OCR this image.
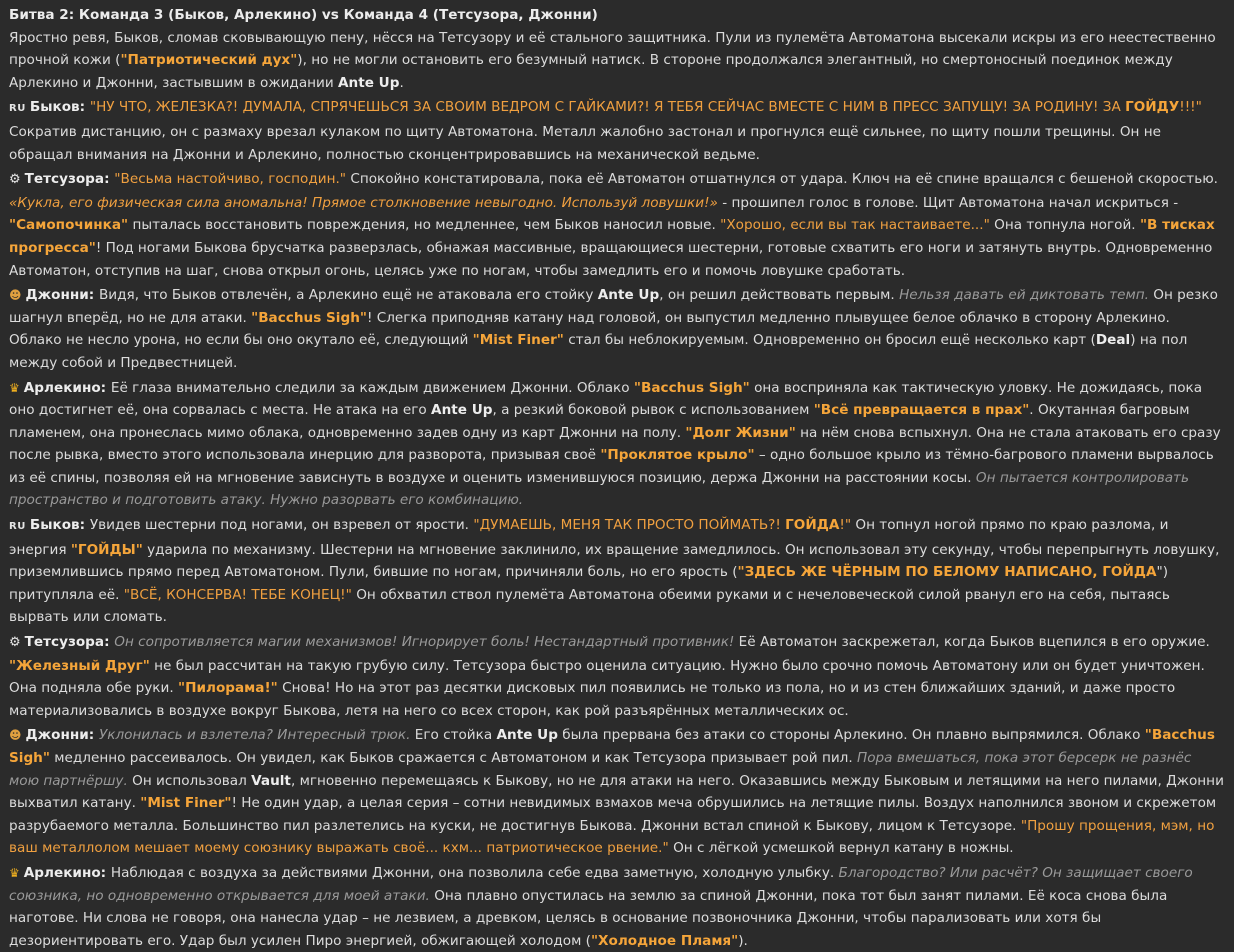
Битва 2: Команда 3 (Быков, Арлекино) vs Команда 4 (Тетсузора, Джонни)
Яростно ревя, Быков, сломав сковывающую пену, нёсся на Тетсузору и её стального защитника. Пули из пулемёта Автоматона высекали искры из его неестественно прочной кожи ("Патриотический дух"), но не могли остановить его безумный натиск. В стороне продолжался элегантный, но смертоносный поединок между Арлекино и Джонни, застывшим в ожидании Ante Up.
RU Быков: "НУ ЧТО, ЖЕЛЕЗКА?! ДУМАЛА, СПРЯЧЕШЬСЯ ЗА СВОИМ ВЕДРОМ С ГАЙКАМИ?! Я ТЕБЯ СЕЙЧАС ВМЕСТЕ С НИМ В ПРЕСС ЗАПУЩУ! ЗА РОДИНУ! ЗА ГОЙДУ!!!" Сократив дистанцию, он с размаху врезал кулаком по щиту Автоматона. Металл жалобно застонал и прогнулся ещё сильнее, по щиту пошли трещины. Он не обращал внимания на Джонни и Арлекино, полностью сконцентрировавшись на механической ведьме.
⚙ Тетсузора: "Весьма настойчиво, господин." Спокойно констатировала, пока её Автоматон отшатнулся от удара. Ключ на её спине вращался с бешеной скоростью. «Кукла, его физическая сила аномальна! Прямое столкновение невыгодно. Используй ловушки!» - прошипел голос в голове. Щит Автоматона начал искриться - "Самопочинка" пыталась восстановить повреждения, но медленнее, чем Быков наносил новые. "Хорошо, если вы так настаиваете..." Она топнула ногой. "В тисках прогресса"! Под ногами Быкова брусчатка разверзлась, обнажая массивные, вращающиеся шестерни, готовые схватить его ноги и затянуть внутрь. Одновременно Автоматон, отступив на шаг, снова открыл огонь, целясь уже по ногам, чтобы замедлить его и помочь ловушке сработать.
☻ Джонни: Видя, что Быков отвлечён, а Арлекино ещё не атаковала его стойку Ante Up, он решил действовать первым. Нельзя давать ей диктовать темп. Он резко шагнул вперёд, но не для атаки. "Bacchus Sigh"! Слегка приподняв катану над головой, он выпустил медленно плывущее белое облачко в сторону Арлекино. Облако не несло урона, но если бы оно окутало её, следующий "Mist Finer" стал бы неблокируемым. Одновременно он бросил ещё несколько карт (Deal) на пол между собой и Предвестницей.
♛ Арлекино: Её глаза внимательно следили за каждым движением Джонни. Облако "Bacchus Sigh" она восприняла как тактическую уловку. Не дожидаясь, пока оно достигнет её, она сорвалась с места. Не атака на его Ante Up, а резкий боковой рывок с использованием "Всё превращается в прах". Окутанная багровым пламенем, она пронеслась мимо облака, одновременно задев одну из карт Джонни на полу. "Долг Жизни" на нём снова вспыхнул. Она не стала атаковать его сразу после рывка, вместо этого использовала инерцию для разворота, призывая своё "Проклятое крыло" – одно большое крыло из тёмно-багрового пламени вырвалось из её спины, позволяя ей на мгновение зависнуть в воздухе и оценить изменившуюся позицию, держа Джонни на расстоянии косы. Он пытается контролировать пространство и подготовить атаку. Нужно разорвать его комбинацию.
RU Быков: Увидев шестерни под ногами, он взревел от ярости. "ДУМАЕШЬ, МЕНЯ ТАК ПРОСТО ПОЙМАТЬ?! ГОЙДА!" Он топнул ногой прямо по краю разлома, и энергия "ГОЙДЫ" ударила по механизму. Шестерни на мгновение заклинило, их вращение замедлилось. Он использовал эту секунду, чтобы перепрыгнуть ловушку, приземлившись прямо перед Автоматоном. Пули, бившие по ногам, причиняли боль, но его ярость ("ЗДЕСЬ ЖЕ ЧЁРНЫМ ПО БЕЛОМУ НАПИСАНО, ГОЙДА") притупляла её. "ВСЁ, КОНСЕРВА! ТЕБЕ КОНЕЦ!" Он обхватил ствол пулемёта Автоматона обеими руками и с нечеловеческой силой рванул его на себя, пытаясь вырвать или сломать.
⚙ Тетсузора: Он сопротивляется магии механизмов! Игнорирует боль! Нестандартный противник! Её Автоматон заскрежетал, когда Быков вцепился в его оружие. "Железный Друг" не был рассчитан на такую грубую силу. Тетсузора быстро оценила ситуацию. Нужно было срочно помочь Автоматону или он будет уничтожен. Она подняла обе руки. "Пилорама!" Снова! Но на этот раз десятки дисковых пил появились не только из пола, но и из стен ближайших зданий, и даже просто материализовались в воздухе вокруг Быкова, летя на него со всех сторон, как рой разъярённых металлических ос.
☻ Джонни: Уклонилась и взлетела? Интересный трюк. Его стойка Ante Up была прервана без атаки со стороны Арлекино. Он плавно выпрямился. Облако "Bacchus Sigh" медленно рассеивалось. Он увидел, как Быков сражается с Автоматоном и как Тетсузора призывает рой пил. Пора вмешаться, пока этот берсерк не разнёс мою партнёршу. Он использовал Vault, мгновенно перемещаясь к Быкову, но не для атаки на него. Оказавшись между Быковым и летящими на него пилами, Джонни выхватил катану. "Mist Finer"! Не один удар, а целая серия – сотни невидимых взмахов меча обрушились на летящие пилы. Воздух наполнился звоном и скрежетом разрубаемого металла. Большинство пил разлетелись на куски, не достигнув Быкова. Джонни встал спиной к Быкову, лицом к Тетсузоре. "Прошу прощения, мэм, но ваш металлолом мешает моему союзнику выражать своё... кхм... патриотическое рвение." Он с лёгкой усмешкой вернул катану в ножны.
♛ Арлекино: Наблюдая с воздуха за действиями Джонни, она позволила себе едва заметную, холодную улыбку. Благородство? Или расчёт? Он защищает своего союзника, но одновременно открывается для моей атаки. Она плавно опустилась на землю за спиной Джонни, пока тот был занят пилами. Её коса снова была наготове. Ни слова не говоря, она нанесла удар – не лезвием, а древком, целясь в основание позвоночника Джонни, чтобы парализовать или хотя бы дезориентировать его. Удар был усилен Пиро энергией, обжигающей холодом ("Холодное Пламя").
